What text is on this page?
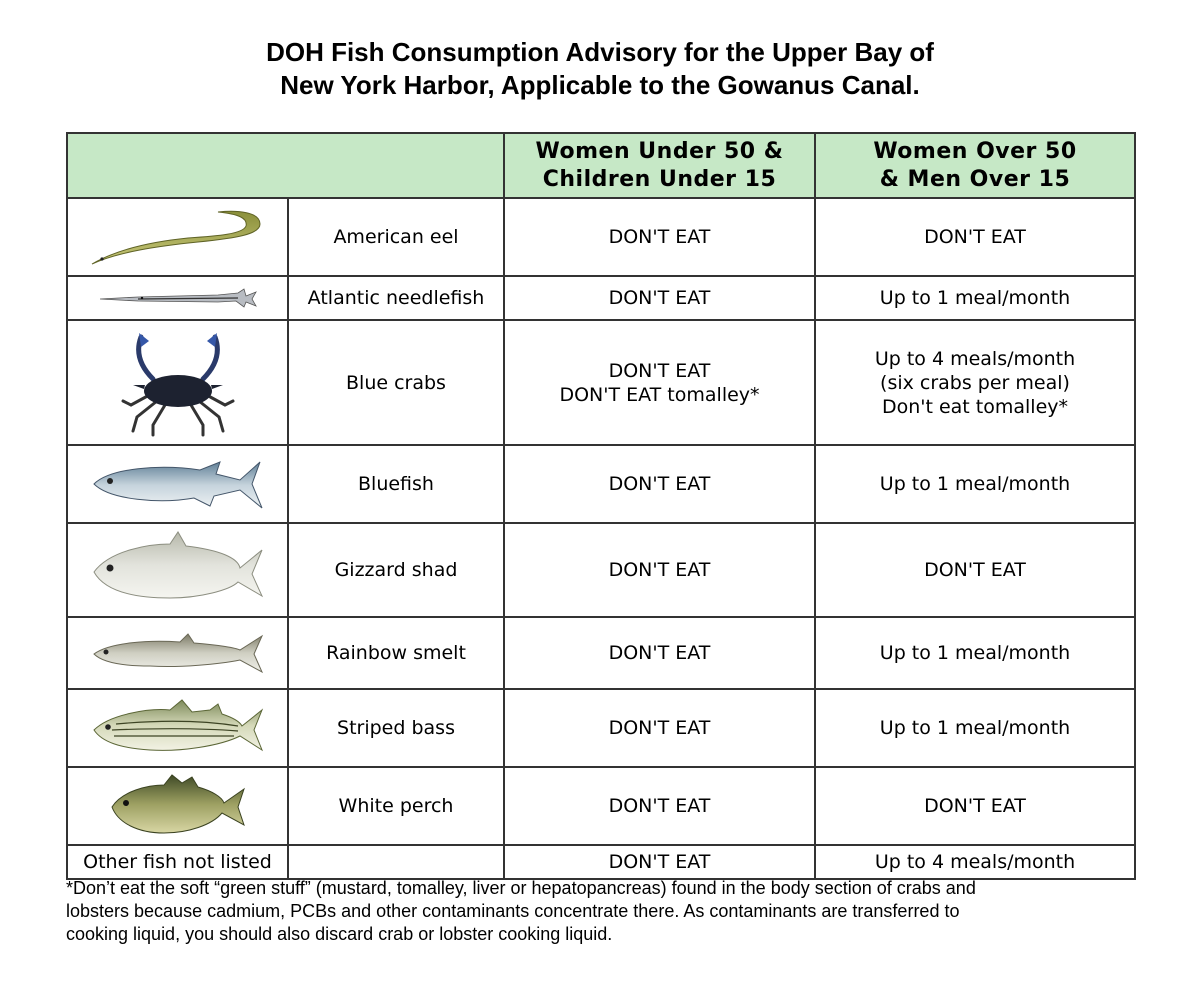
DOH Fish Consumption Advisory for the Upper Bay of
New York Harbor, Applicable to the Gowanus Canal.

		Women Under 50 &
Children Under 15	Women Over 50
& Men Over 15

	American eel	DON'T EAT	DON'T EAT

	Atlantic needlefish	DON'T EAT	Up to 1 meal/month

	Blue crabs	DON'T EAT
DON'T EAT tomalley*	Up to 4 meals/month
(six crabs per meal)
Don't eat tomalley*

	Bluefish	DON'T EAT	Up to 1 meal/month

	Gizzard shad	DON'T EAT	DON'T EAT

	Rainbow smelt	DON'T EAT	Up to 1 meal/month

	Striped bass	DON'T EAT	Up to 1 meal/month

	White perch	DON'T EAT	DON'T EAT

Other fish not listed		DON'T EAT	Up to 4 meals/month
*Don’t eat the soft “green stuff” (mustard, tomalley, liver or hepatopancreas) found in the body section of crabs and
lobsters because cadmium, PCBs and other contaminants concentrate there. As contaminants are transferred to
cooking liquid, you should also discard crab or lobster cooking liquid.
